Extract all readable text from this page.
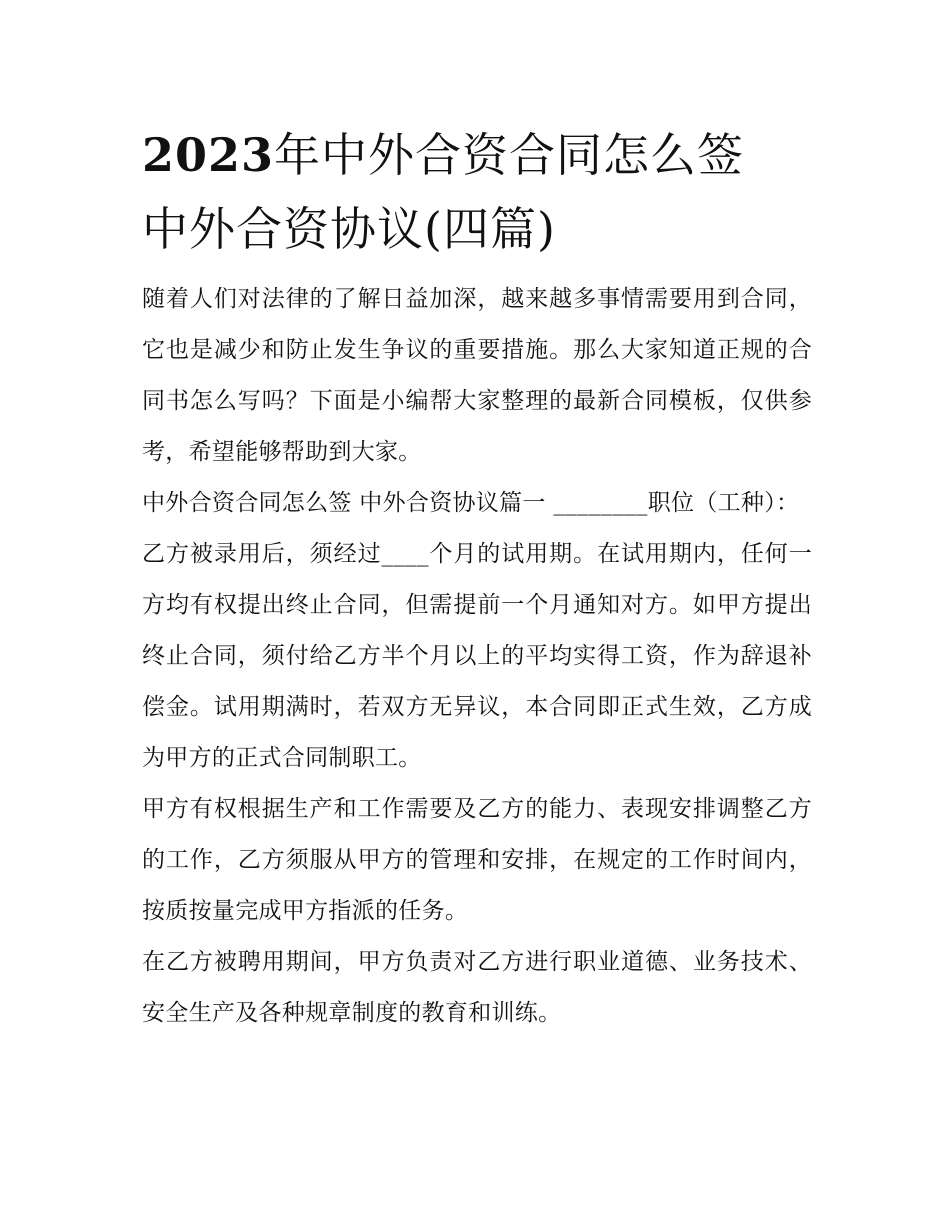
2023年中外合资合同怎么签
中外合资协议(四篇)

随着人们对法律的了解日益加深，越来越多事情需要用到合同，它也是减少和防止发生争议的重要措施。那么大家知道正规的合同书怎么写吗？下面是小编帮大家整理的最新合同模板，仅供参考，希望能够帮助到大家。

中外合资合同怎么签 中外合资协议篇一 ________职位（工种）：

乙方被录用后，须经过____个月的试用期。在试用期内，任何一方均有权提出终止合同，但需提前一个月通知对方。如甲方提出终止合同，须付给乙方半个月以上的平均实得工资，作为辞退补偿金。试用期满时，若双方无异议，本合同即正式生效，乙方成为甲方的正式合同制职工。

甲方有权根据生产和工作需要及乙方的能力、表现安排调整乙方的工作，乙方须服从甲方的管理和安排，在规定的工作时间内，按质按量完成甲方指派的任务。

在乙方被聘用期间，甲方负责对乙方进行职业道德、业务技术、安全生产及各种规章制度的教育和训练。
